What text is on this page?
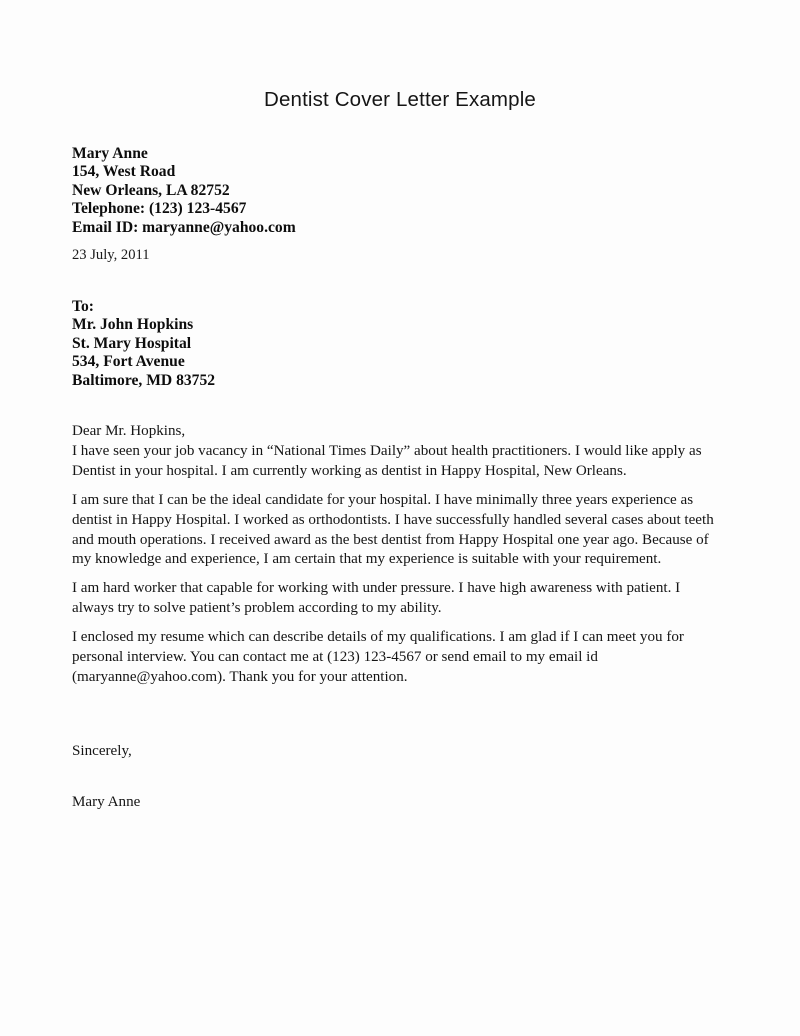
Dentist Cover Letter Example
Mary Anne
154, West Road
New Orleans, LA 82752
Telephone: (123) 123-4567
Email ID: maryanne@yahoo.com
23 July, 2011
To:
Mr. John Hopkins
St. Mary Hospital
534, Fort Avenue
Baltimore, MD 83752
Dear Mr. Hopkins,

I have seen your job vacancy in “National Times Daily” about health practitioners. I would like apply as Dentist in your hospital. I am currently working as dentist in Happy Hospital, New Orleans.

I am sure that I can be the ideal candidate for your hospital. I have minimally three years experience as dentist in Happy Hospital. I worked as orthodontists. I have successfully handled several cases about teeth and mouth operations. I received award as the best dentist from Happy Hospital one year ago. Because of my knowledge and experience, I am certain that my experience is suitable with your requirement.

I am hard worker that capable for working with under pressure. I have high awareness with patient. I always try to solve patient’s problem according to my ability.

I enclosed my resume which can describe details of my qualifications. I am glad if I can meet you for personal interview. You can contact me at (123) 123-4567 or send email to my email id (maryanne@yahoo.com). Thank you for your attention.

Sincerely,
Mary Anne
